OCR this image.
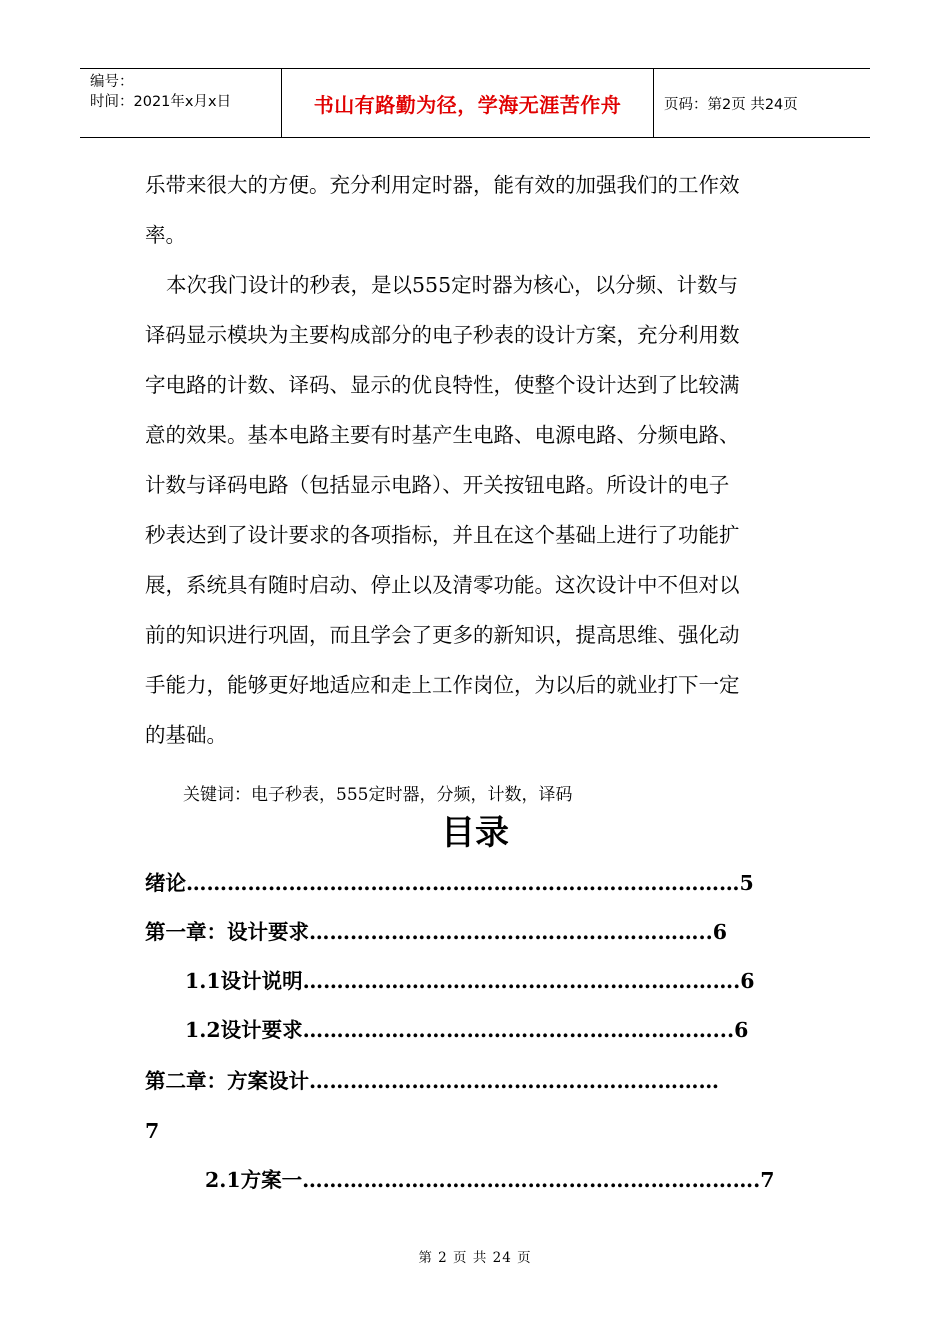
编号：
时间：2021年x月x日	书山有路勤为径，学海无涯苦作舟	页码：第2页 共24页
乐带来很大的方便。充分利用定时器，能有效的加强我们的工作效
率。
本次我门设计的秒表，是以555定时器为核心，以分频、计数与
译码显示模块为主要构成部分的电子秒表的设计方案，充分利用数
字电路的计数、译码、显示的优良特性，使整个设计达到了比较满
意的效果。基本电路主要有时基产生电路、电源电路、分频电路、
计数与译码电路（包括显示电路）、开关按钮电路。所设计的电子
秒表达到了设计要求的各项指标，并且在这个基础上进行了功能扩
展，系统具有随时启动、停止以及清零功能。这次设计中不但对以
前的知识进行巩固，而且学会了更多的新知识，提高思维、强化动
手能力，能够更好地适应和走上工作岗位，为以后的就业打下一定
的基础。
关键词：电子秒表，555定时器，分频，计数，译码
目录
绪论………………………………………………………………………5
第一章：设计要求…………………………………………………..6
1.1设计说明……………………………………………………….6
1.2设计要求……………………………………………………...6
第二章：方案设计……………………………………………………
7
2.1方案一………………………………………………………….7
第 2 页 共 24 页
